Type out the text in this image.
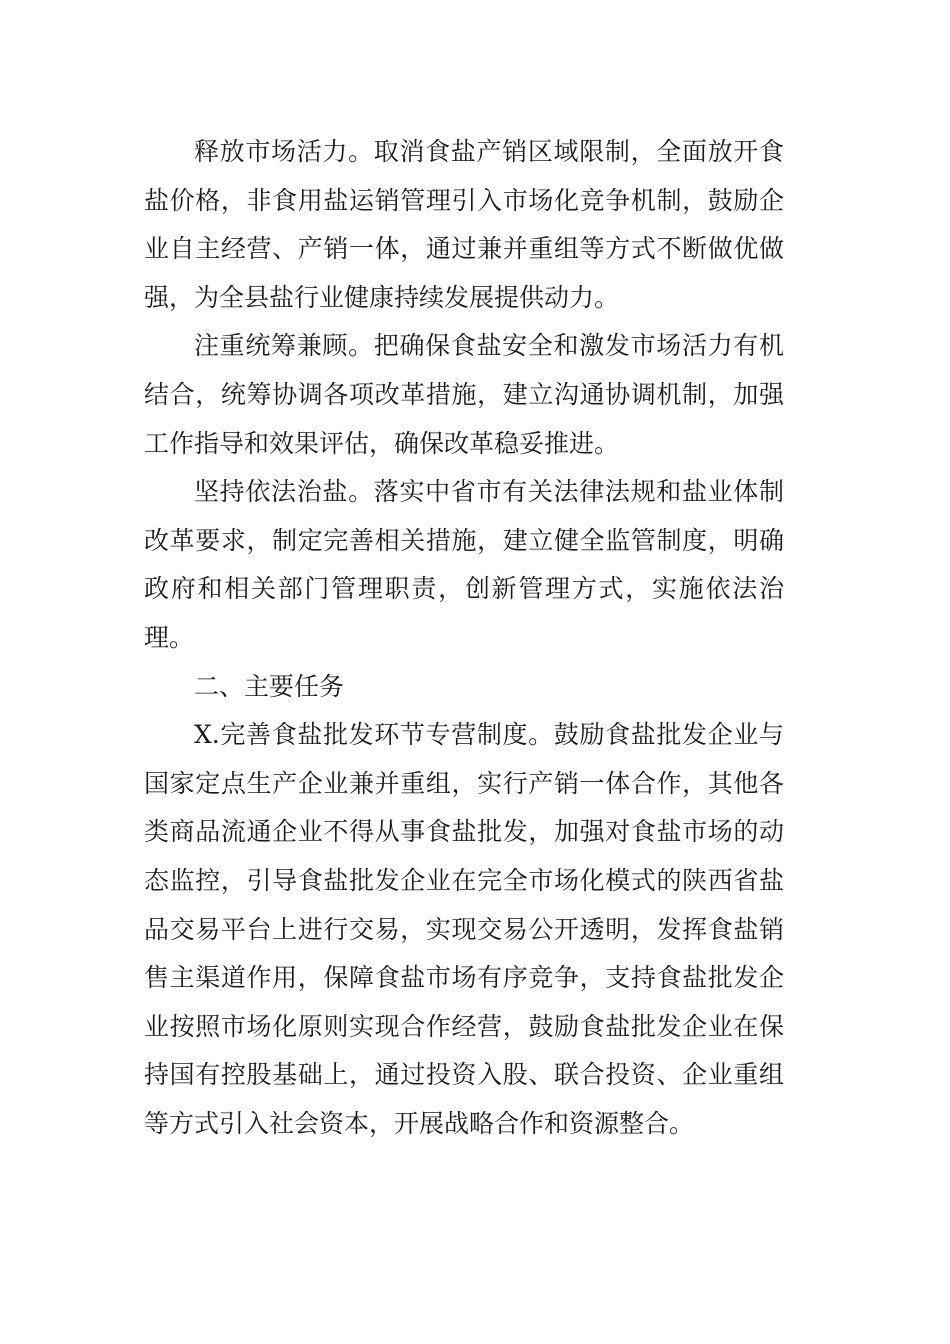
释放市场活力。取消食盐产销区域限制，全面放开食
盐价格，非食用盐运销管理引入市场化竞争机制，鼓励企
业自主经营、产销一体，通过兼并重组等方式不断做优做
强，为全县盐行业健康持续发展提供动力。
注重统筹兼顾。把确保食盐安全和激发市场活力有机
结合，统筹协调各项改革措施，建立沟通协调机制，加强
工作指导和效果评估，确保改革稳妥推进。
坚持依法治盐。落实中省市有关法律法规和盐业体制
改革要求，制定完善相关措施，建立健全监管制度，明确
政府和相关部门管理职责，创新管理方式，实施依法治
理。
二、主要任务
X.完善食盐批发环节专营制度。鼓励食盐批发企业与
国家定点生产企业兼并重组，实行产销一体合作，其他各
类商品流通企业不得从事食盐批发，加强对食盐市场的动
态监控，引导食盐批发企业在完全市场化模式的陕西省盐
品交易平台上进行交易，实现交易公开透明，发挥食盐销
售主渠道作用，保障食盐市场有序竞争，支持食盐批发企
业按照市场化原则实现合作经营，鼓励食盐批发企业在保
持国有控股基础上，通过投资入股、联合投资、企业重组
等方式引入社会资本，开展战略合作和资源整合。
